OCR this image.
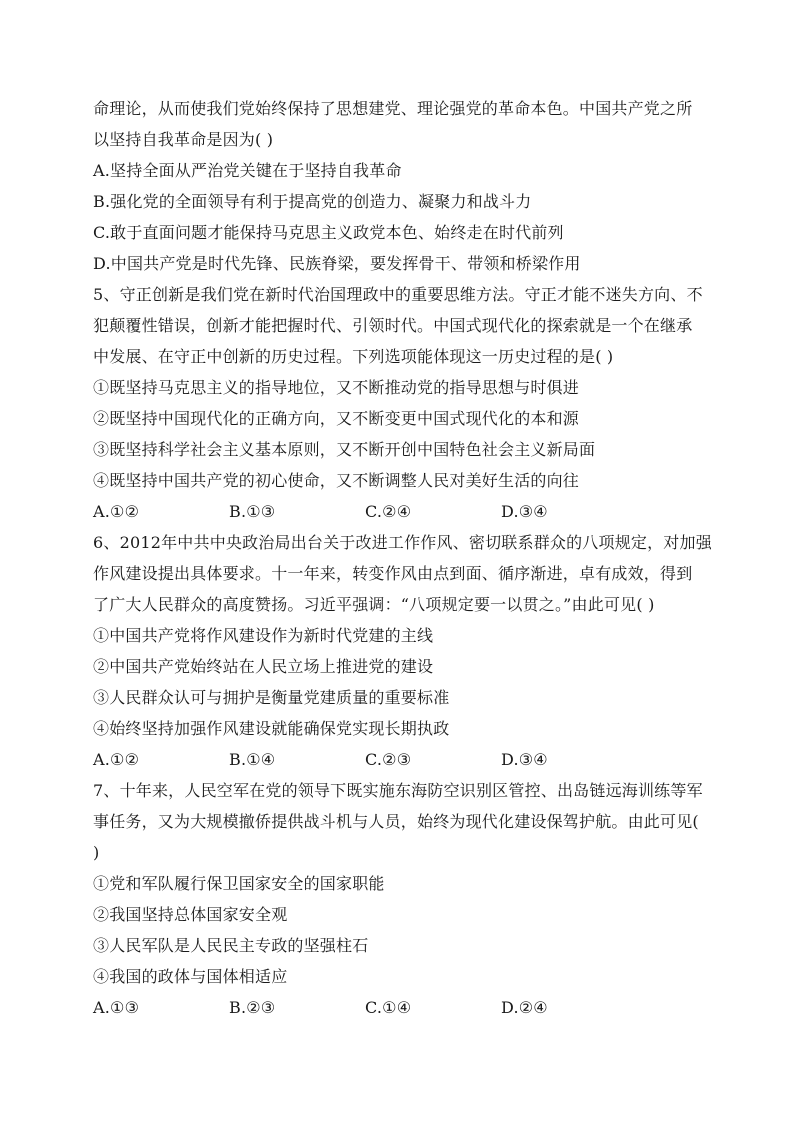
命理论，从而使我们党始终保持了思想建党、理论强党的革命本色。中国共产党之所
以坚持自我革命是因为( )
A.坚持全面从严治党关键在于坚持自我革命
B.强化党的全面领导有利于提高党的创造力、凝聚力和战斗力
C.敢于直面问题才能保持马克思主义政党本色、始终走在时代前列
D.中国共产党是时代先锋、民族脊梁，要发挥骨干、带领和桥梁作用
5、守正创新是我们党在新时代治国理政中的重要思维方法。守正才能不迷失方向、不
犯颠覆性错误，创新才能把握时代、引领时代。中国式现代化的探索就是一个在继承
中发展、在守正中创新的历史过程。下列选项能体现这一历史过程的是( )
①既坚持马克思主义的指导地位，又不断推动党的指导思想与时俱进
②既坚持中国现代化的正确方向，又不断变更中国式现代化的本和源
③既坚持科学社会主义基本原则，又不断开创中国特色社会主义新局面
④既坚持中国共产党的初心使命，又不断调整人民对美好生活的向往
A.①②	B.①③	C.②④	D.③④
6、2012年中共中央政治局出台关于改进工作作风、密切联系群众的八项规定，对加强
作风建设提出具体要求。十一年来，转变作风由点到面、循序渐进，卓有成效，得到
了广大人民群众的高度赞扬。习近平强调：“八项规定要一以贯之。”由此可见( )
①中国共产党将作风建设作为新时代党建的主线
②中国共产党始终站在人民立场上推进党的建设
③人民群众认可与拥护是衡量党建质量的重要标准
④始终坚持加强作风建设就能确保党实现长期执政
A.①②	B.①④	C.②③	D.③④
7、十年来，人民空军在党的领导下既实施东海防空识别区管控、出岛链远海训练等军
事任务，又为大规模撤侨提供战斗机与人员，始终为现代化建设保驾护航。由此可见(
)
①党和军队履行保卫国家安全的国家职能
②我国坚持总体国家安全观
③人民军队是人民民主专政的坚强柱石
④我国的政体与国体相适应
A.①③	B.②③	C.①④	D.②④
